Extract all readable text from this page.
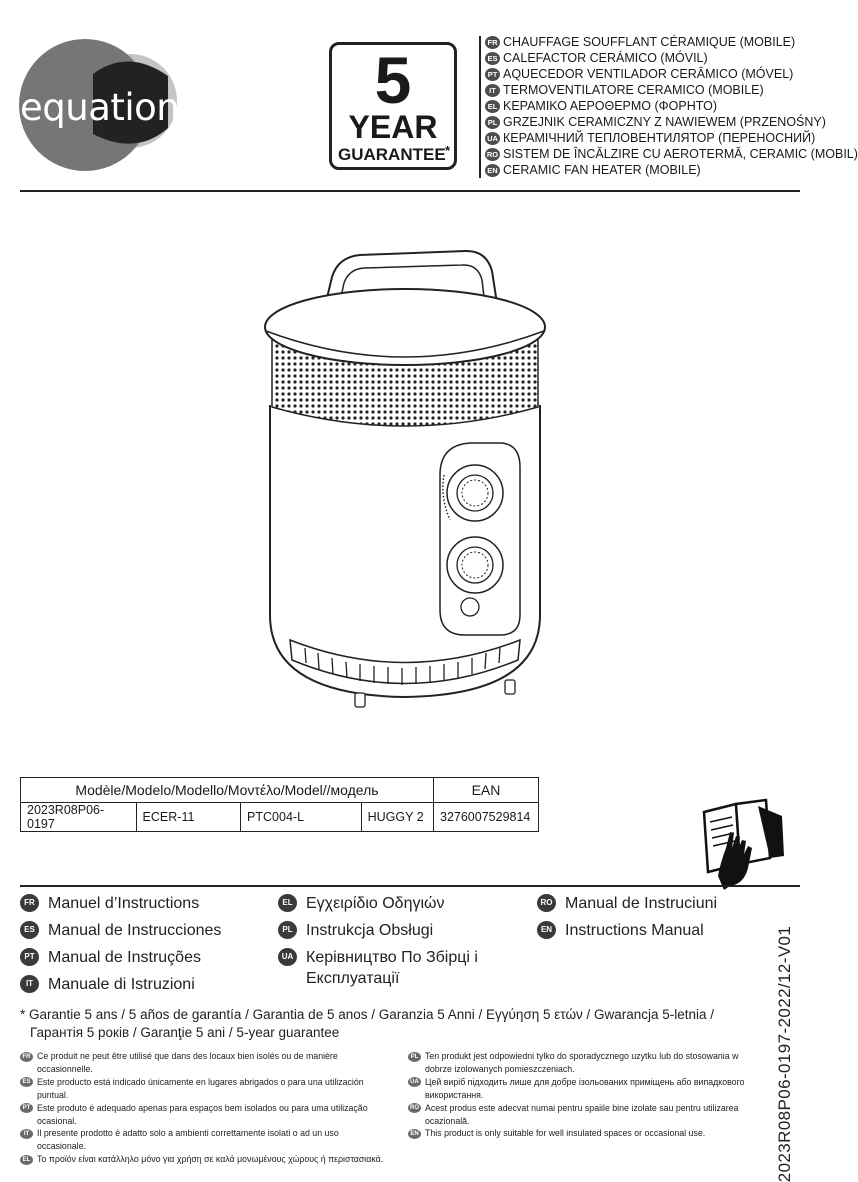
equation	5
YEAR
GUARANTEE *
FR CHAUFFAGE SOUFFLANT CÉRAMIQUE (MOBILE)
ES CALEFACTOR CERÁMICO (MÓVIL)
PT AQUECEDOR VENTILADOR CERÂMICO (MÓVEL)
IT TERMOVENTILATORE CERAMICO (MOBILE)
EL ΚΕΡΑΜΙΚΟ ΑΕΡΟΘΕΡΜΟ (ΦΟΡΗΤΟ)
PL GRZEJNIK CERAMICZNY Z NAWIEWEM (PRZENOŚNY)
UA КЕРАМІЧНИЙ ТЕПЛОВЕНТИЛЯТОР (ПЕРЕНОСНИЙ)
RO SISTEM DE ÎNCĂLZIRE CU AEROTERMĂ, CERAMIC (MOBIL)
EN CERAMIC FAN HEATER (MOBILE)
Modèle/Modelo/Modello/Μοντέλο/Model//модель				EAN
2023R08P06-0197	ECER-11	PTC004-L	HUGGY 2	3276007529814
FR Manuel d’Instructions
ES Manual de Instrucciones
PT Manual de Instruções
IT Manuale di Istruzioni
EL Εγχειρίδιο Οδηγιών
PL Instrukcja Obsługi
UA Керівництво По Збірці і Експлуатації
RO Manual de Instruciuni
EN Instructions Manual
* Garantie 5 ans / 5 años de garantía / Garantia de 5 anos / Garanzia 5 Anni / Εγγύηση 5 ετών / Gwarancja 5-letnia /
Гарантія 5 років / Garanţie 5 ani / 5-year guarantee
FR Ce produit ne peut être utilisé que dans des locaux bien isolés ou de manière occasionnelle.
ES Este producto está indicado únicamente en lugares abrigados o para una utilización puntual.
PT Este produto é adequado apenas para espaços bem isolados ou para uma utilização ocasional.
IT Il presente prodotto è adatto solo a ambienti correttamente isolati o ad un uso occasionale.
EL Το προϊόν είναι κατάλληλο μόνο για χρήση σε καλά μονωμένους χώρους ή περιστασιακά.
PL Ten produkt jest odpowiedni tylko do sporadycznego uzytku lub do stosowania w dobrze izolowanych pomieszczeniach.
UA Цей виріб підходить лише для добре ізольованих приміщень або випадкового використання.
RO Acest produs este adecvat numai pentru spaiile bine izolate sau pentru utilizarea ocazională.
EN This product is only suitable for well insulated spaces or occasional use.	2023R08P06-0197-2022/12-V01
